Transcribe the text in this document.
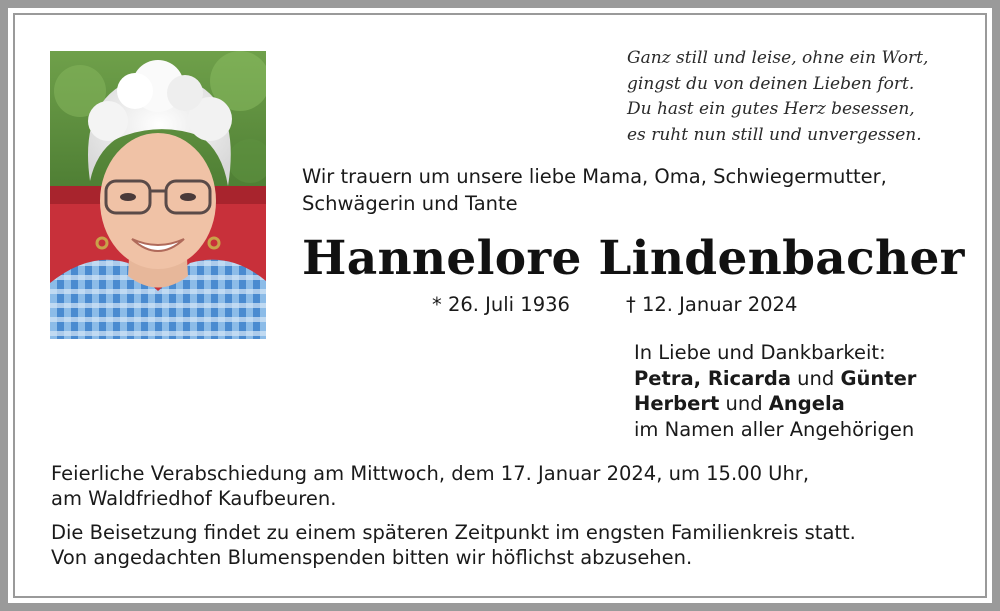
Ganz still und leise, ohne ein Wort,
gingst du von deinen Lieben fort.
Du hast ein gutes Herz besessen,
es ruht nun still und unvergessen.
Wir trauern um unsere liebe Mama, Oma, Schwiegermutter,
Schwägerin und Tante
Hannelore Lindenbacher
* 26. Juli 1936	† 12. Januar 2024
In Liebe und Dankbarkeit:
Petra, Ricarda und Günter
Herbert und Angela
im Namen aller Angehörigen
Feierliche Verabschiedung am Mittwoch, dem 17. Januar 2024, um 15.00 Uhr,
am Waldfriedhof Kaufbeuren.
Die Beisetzung findet zu einem späteren Zeitpunkt im engsten Familienkreis statt.
Von angedachten Blumenspenden bitten wir höflichst abzusehen.
